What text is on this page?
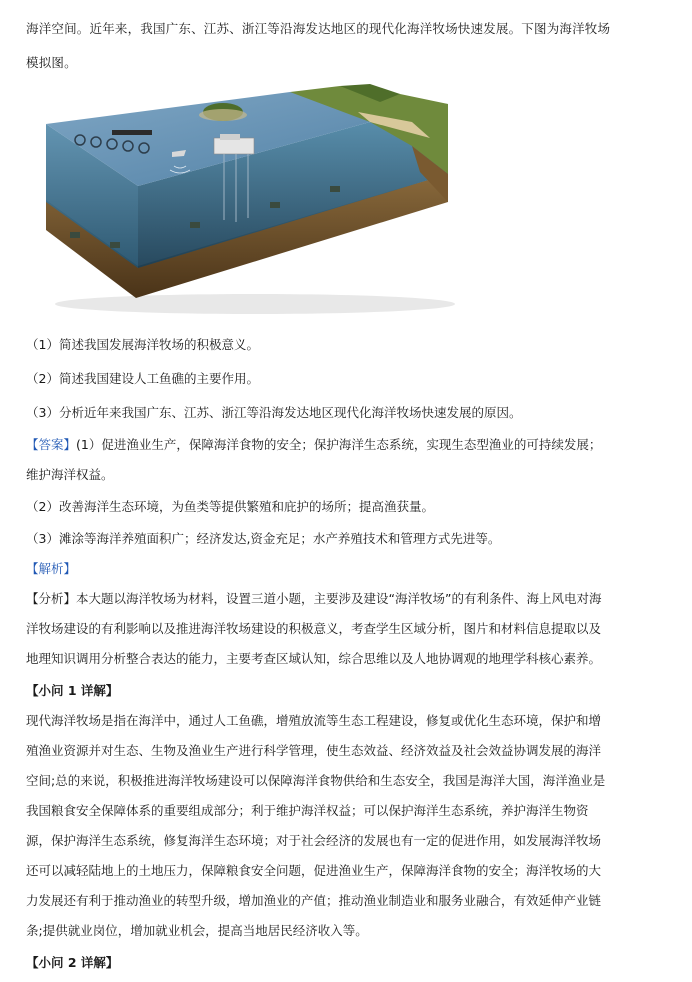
海洋空间。近年来，我国广东、江苏、浙江等沿海发达地区的现代化海洋牧场快速发展。下图为海洋牧场
模拟图。
（1）简述我国发展海洋牧场的积极意义。
（2）简述我国建设人工鱼礁的主要作用。
（3）分析近年来我国广东、江苏、浙江等沿海发达地区现代化海洋牧场快速发展的原因。
【答案】(1）促进渔业生产，保障海洋食物的安全；保护海洋生态系统，实现生态型渔业的可持续发展；
维护海洋权益。
（2）改善海洋生态环境，为鱼类等提供繁殖和庇护的场所；提高渔获量。
（3）滩涂等海洋养殖面积广；经济发达,资金充足；水产养殖技术和管理方式先进等。
【解析】
【分析】本大题以海洋牧场为材料，设置三道小题，主要涉及建设“海洋牧场”的有利条件、海上风电对海
洋牧场建设的有利影响以及推进海洋牧场建设的积极意义，考查学生区域分析，图片和材料信息提取以及
地理知识调用分析整合表达的能力，主要考查区域认知，综合思维以及人地协调观的地理学科核心素养。
【小问 1 详解】
现代海洋牧场是指在海洋中，通过人工鱼礁，增殖放流等生态工程建设，修复或优化生态环境，保护和增
殖渔业资源并对生态、生物及渔业生产进行科学管理，使生态效益、经济效益及社会效益协调发展的海洋
空间;总的来说，积极推进海洋牧场建设可以保障海洋食物供给和生态安全，我国是海洋大国，海洋渔业是
我国粮食安全保障体系的重要组成部分；利于维护海洋权益；可以保护海洋生态系统，养护海洋生物资
源，保护海洋生态系统，修复海洋生态环境；对于社会经济的发展也有一定的促进作用，如发展海洋牧场
还可以减轻陆地上的土地压力，保障粮食安全问题，促进渔业生产，保障海洋食物的安全；海洋牧场的大
力发展还有利于推动渔业的转型升级，增加渔业的产值；推动渔业制造业和服务业融合，有效延伸产业链
条;提供就业岗位，增加就业机会，提高当地居民经济收入等。
【小问 2 详解】
